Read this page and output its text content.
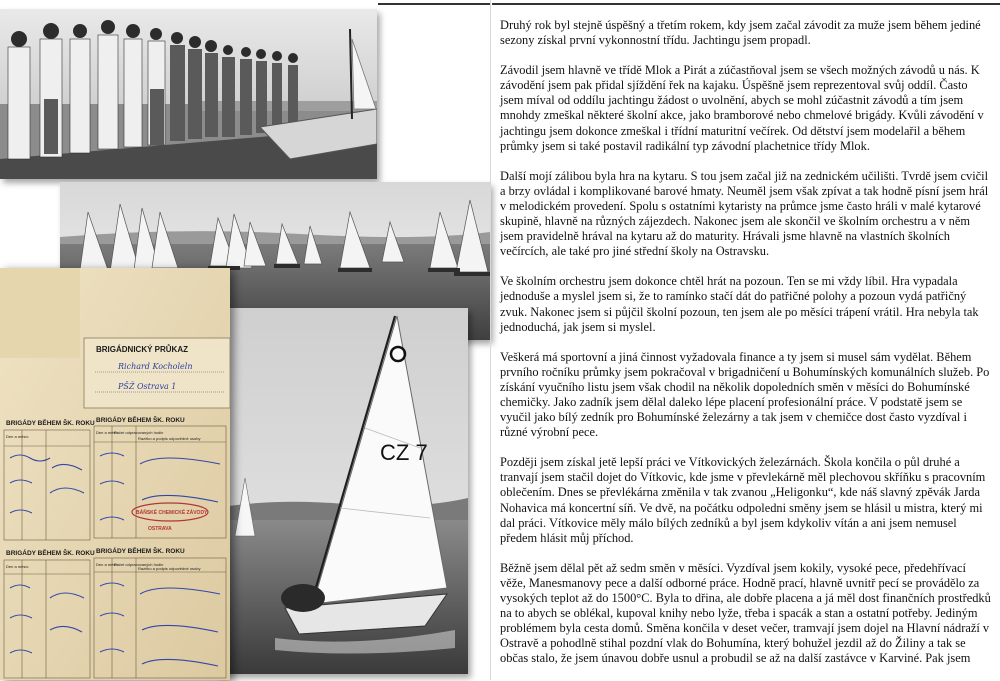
CZ 7
BRIGÁDNICKÝ PRŮKAZ
Richard Kocholeln
PŠŽ Ostrava 1
BRIGÁDY BĚHEM ŠK. ROKU BRIGÁDY BĚHEM ŠK. ROKU
Den a měsíc
Den a měsíc
Počet odpracovaných hodin
Razítko a podpis odpovědné osoby
BÁŇSKÉ CHEMICKÉ ZÁVODY
OSTRAVA
BRIGÁDY BĚHEM ŠK. ROKU BRIGÁDY BĚHEM ŠK. ROKU
Den a měsíc	Den a měsíc
Počet odpracovaných hodin
Razítko a podpis odpovědné osoby

Druhý rok byl stejně úspěšný a třetím rokem, kdy jsem začal závodit za muže jsem během jediné sezony získal první vykonnostní třídu. Jachtingu jsem propadl.

Závodil jsem hlavně ve třídě Mlok a Pirát a zúčastňoval jsem se všech možných závodů u nás. K závodění jsem pak přidal sjíždění řek na kajaku. Úspěšně jsem reprezentoval svůj oddíl. Často jsem míval od oddílu jachtingu žádost o uvolnění, abych se mohl zúčastnit závodů a tím jsem mnohdy zmeškal některé školní akce, jako bramborové nebo chmelové brigády. Kvůli závodění v jachtingu jsem dokonce zmeškal i třídní maturitní večírek. Od dětství jsem modelařil a během průmky jsem si také postavil radikální typ závodní plachetnice třídy Mlok.

Další mojí zálibou byla hra na kytaru. S tou jsem začal již na zednickém učilišti. Tvrdě jsem cvičil a brzy ovládal i komplikované barové hmaty. Neuměl jsem však zpívat a tak hodně písní jsem hrál v melodickém provedení. Spolu s ostatními kytaristy na průmce jsme často hráli v malé kytarové skupině, hlavně na různých zájezdech. Nakonec jsem ale skončil ve školním orchestru a v něm jsem pravidelně hrával na kytaru až do maturity. Hrávali jsme hlavně na vlastních školních večírcích, ale také pro jiné střední školy na Ostravsku.

Ve školním orchestru jsem dokonce chtěl hrát na pozoun. Ten se mi vždy líbil. Hra vypadala jednoduše a myslel jsem si, že to ramínko stačí dát do patřičné polohy a pozoun vydá patřičný zvuk. Nakonec jsem si půjčil školní pozoun, ten jsem ale po měsíci trápení vrátil. Hra nebyla tak jednoduchá, jak jsem si myslel.

Veškerá má sportovní a jiná činnost vyžadovala finance a ty jsem si musel sám vydělat. Během prvního ročníku průmky jsem pokračoval v brigadničení u Bohumínských komunálních služeb. Po získání vyučního listu jsem však chodil na několik dopoledních směn v měsíci do Bohumínské chemičky. Jako zadník jsem dělal daleko lépe placení profesionální práce. V podstatě jsem se vyučil jako bílý zedník pro Bohumínské železárny a tak jsem v chemičce dost často vyzdíval i různé výrobní pece.

Později jsem získal jetě lepší práci ve Vítkovických železárnách. Škola končila o půl druhé a tranvají jsem stačil dojet do Vítkovic, kde jsme v převlekárně měl plechovou skříňku s pracovním oblečením. Dnes se převlékárna změnila v tak zvanou „Heligonku“, kde náš slavný zpěvák Jarda Nohavica má koncertní síň. Ve dvě, na počátku odpoledni směny jsem se hlásil u mistra, který mi dal práci. Vítkovice měly málo bílých zedníků a byl jsem kdykoliv vítán a ani jsem nemusel předem hlásit můj příchod.

Běžně jsem dělal pět až sedm směn v měsíci. Vyzdíval jsem kokily, vysoké pece, předehřívací věže, Manesmanovy pece a další odborné práce. Hodně prací, hlavně uvnitř pecí se provádělo za vysokých teplot až do 1500°C. Byla to dřina, ale dobře placena a já měl dost finančních prostředků na to abych se oblékal, kupoval knihy nebo lyže, třeba i spacák a stan a ostatní potřeby. Jediným problémem byla cesta domů. Směna končila v deset večer, tramvají jsem dojel na Hlavní nádraží v Ostravě a pohodlně stihal pozdní vlak do Bohumína, který bohužel jezdil až do Žiliny a tak se občas stalo, že jsem únavou dobře usnul a probudil se až na další zastávce v Karviné. Pak jsem
